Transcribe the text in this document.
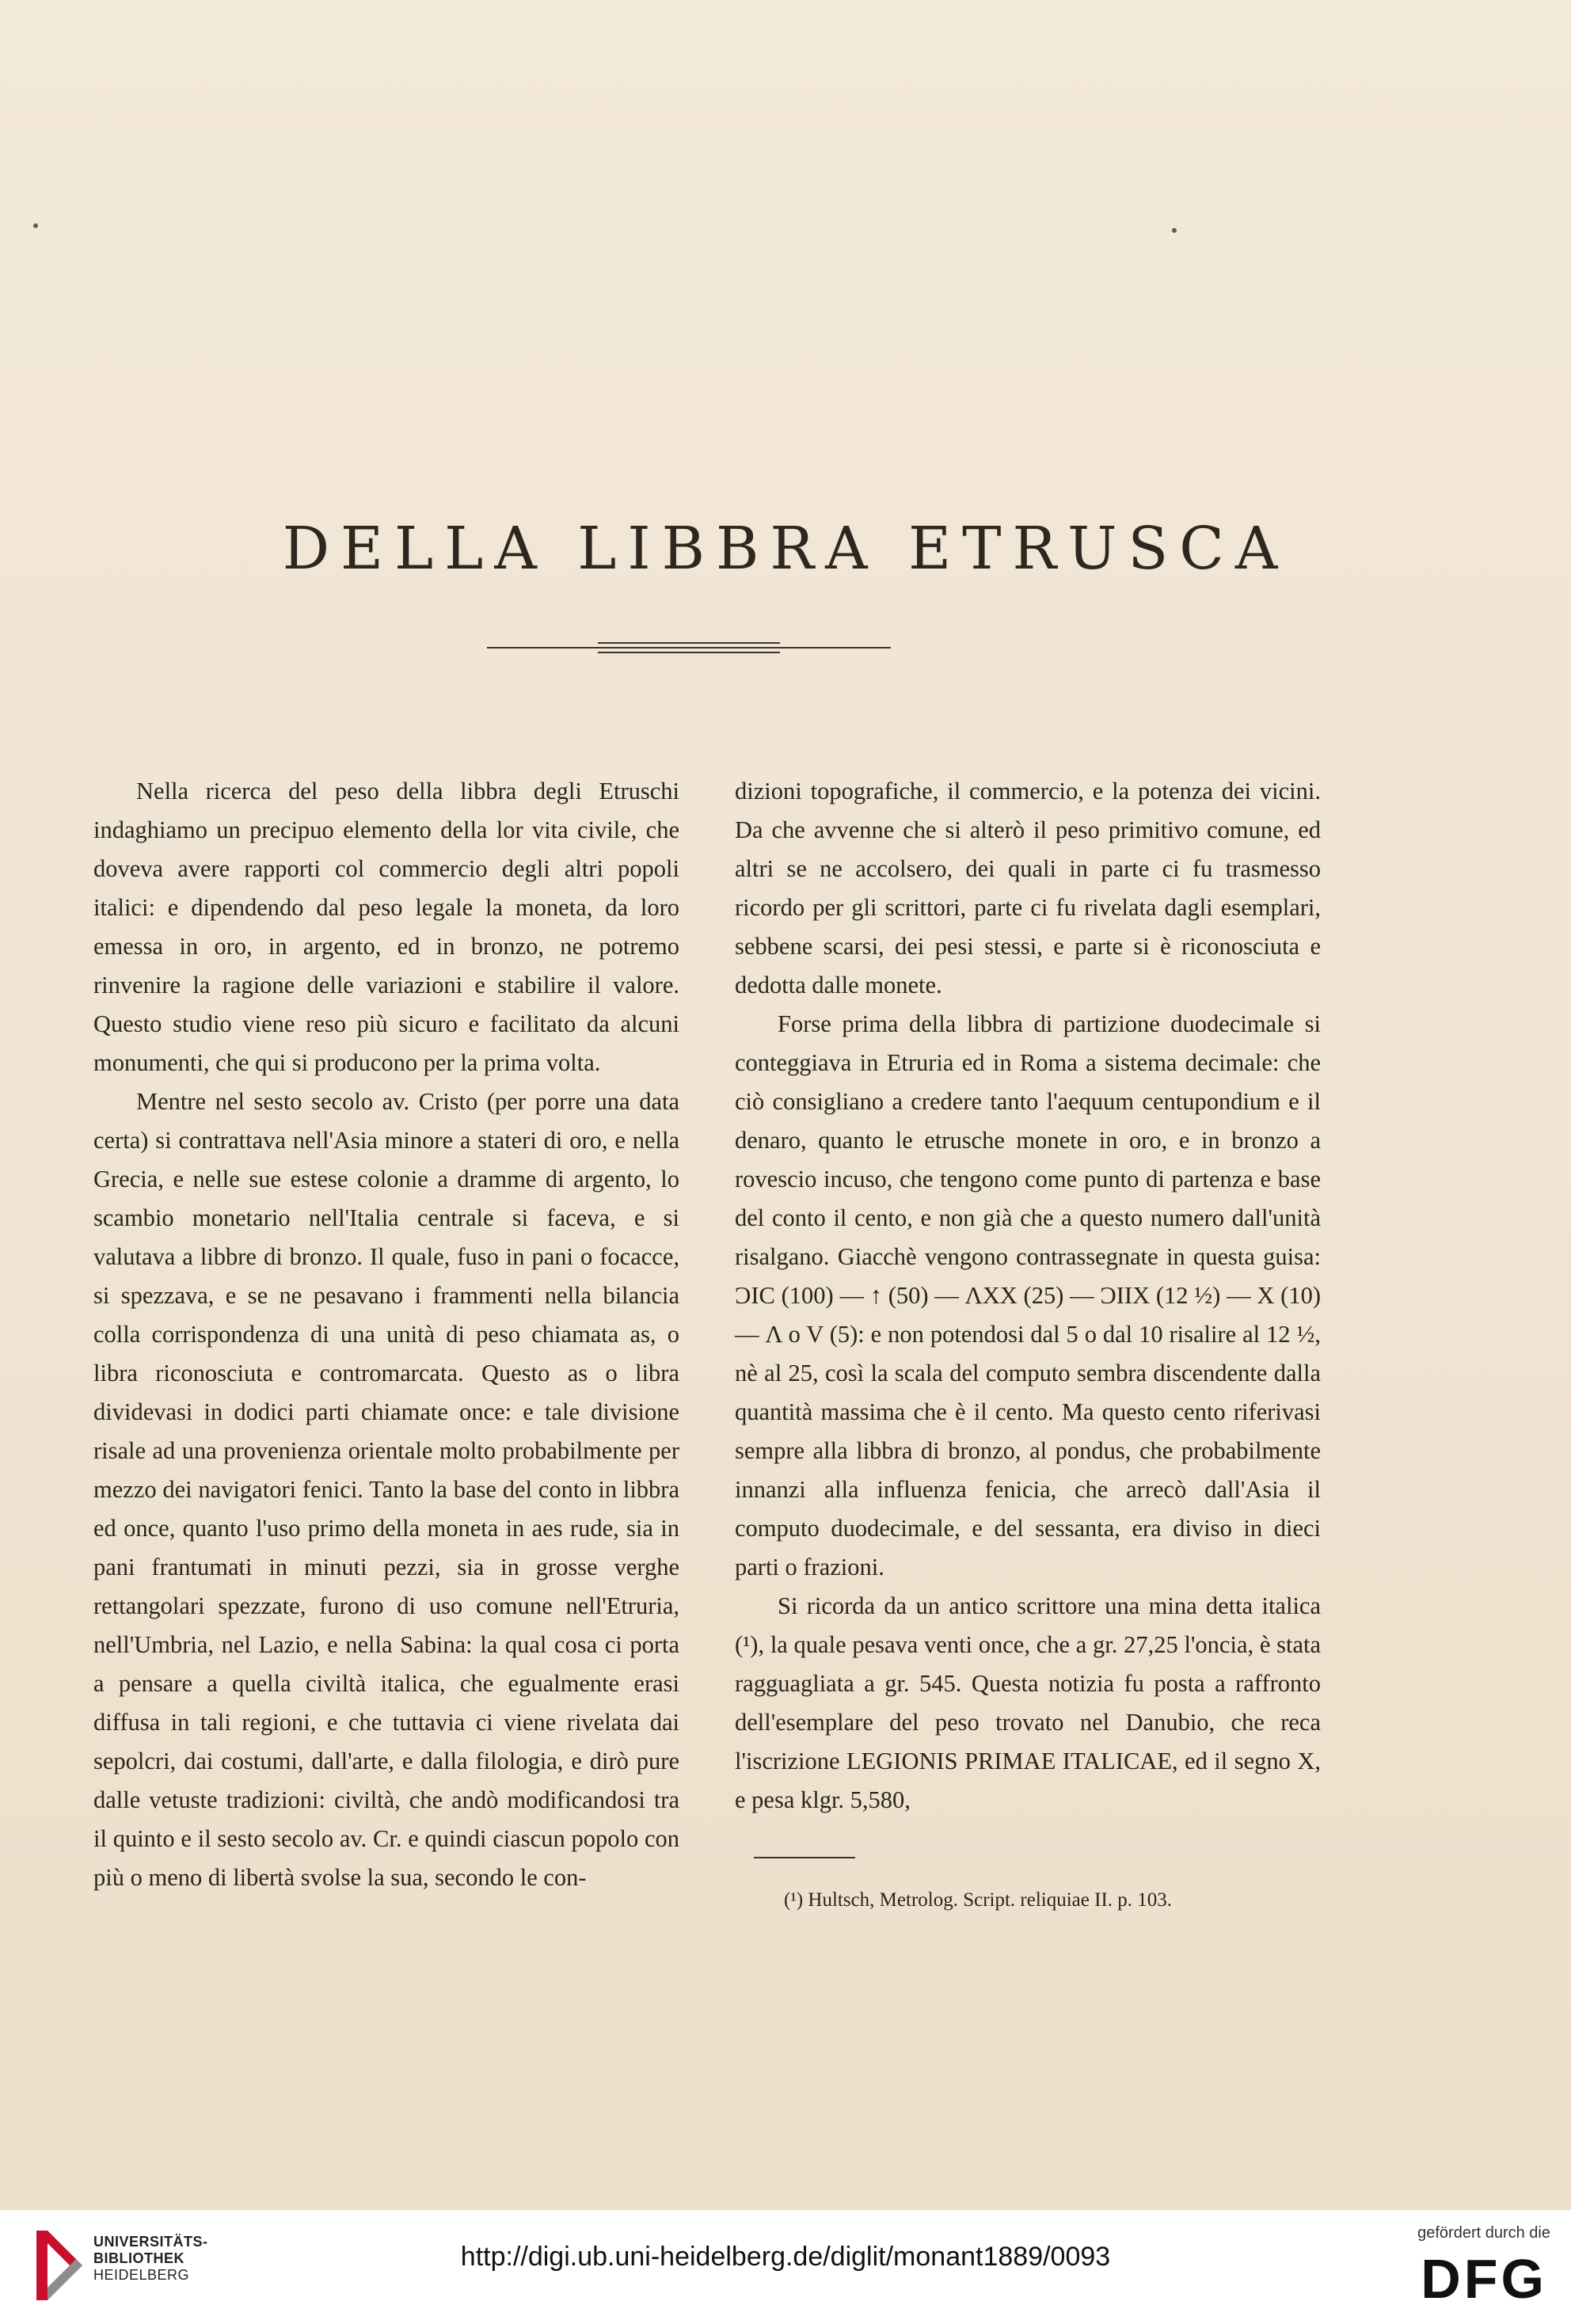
DELLA LIBBRA ETRUSCA

Nella ricerca del peso della libbra degli Etruschi indaghiamo un precipuo elemento della lor vita civile, che doveva avere rapporti col commercio degli altri popoli italici: e dipendendo dal peso legale la moneta, da loro emessa in oro, in argento, ed in bronzo, ne potremo rinvenire la ragione delle variazioni e stabilire il valore. Questo studio viene reso più sicuro e facilitato da alcuni monumenti, che qui si producono per la prima volta.

Mentre nel sesto secolo av. Cristo (per porre una data certa) si contrattava nell'Asia minore a stateri di oro, e nella Grecia, e nelle sue estese colonie a dramme di argento, lo scambio monetario nell'Italia centrale si faceva, e si valutava a libbre di bronzo. Il quale, fuso in pani o focacce, si spezzava, e se ne pesavano i frammenti nella bilancia colla corrispondenza di una unità di peso chiamata as, o libra riconosciuta e contromarcata. Questo as o libra dividevasi in dodici parti chiamate once: e tale divisione risale ad una provenienza orientale molto probabilmente per mezzo dei navigatori fenici. Tanto la base del conto in libbra ed once, quanto l'uso primo della moneta in aes rude, sia in pani frantumati in minuti pezzi, sia in grosse verghe rettangolari spezzate, furono di uso comune nell'Etruria, nell'Umbria, nel Lazio, e nella Sabina: la qual cosa ci porta a pensare a quella civiltà italica, che egualmente erasi diffusa in tali regioni, e che tuttavia ci viene rivelata dai sepolcri, dai costumi, dall'arte, e dalla filologia, e dirò pure dalle vetuste tradizioni: civiltà, che andò modificandosi tra il quinto e il sesto secolo av. Cr. e quindi ciascun popolo con più o meno di libertà svolse la sua, secondo le con-

dizioni topografiche, il commercio, e la potenza dei vicini. Da che avvenne che si alterò il peso primitivo comune, ed altri se ne accolsero, dei quali in parte ci fu trasmesso ricordo per gli scrittori, parte ci fu rivelata dagli esemplari, sebbene scarsi, dei pesi stessi, e parte si è riconosciuta e dedotta dalle monete.

Forse prima della libbra di partizione duodecimale si conteggiava in Etruria ed in Roma a sistema decimale: che ciò consigliano a credere tanto l'aequum centupondium e il denaro, quanto le etrusche monete in oro, e in bronzo a rovescio incuso, che tengono come punto di partenza e base del conto il cento, e non già che a questo numero dall'unità risalgano. Giacchè vengono contrassegnate in questa guisa: ƆIC (100) — ↑ (50) — ΛXX (25) — ƆIIX (12 ½) — X (10) — Λ o V (5): e non potendosi dal 5 o dal 10 risalire al 12 ½, nè al 25, così la scala del computo sembra discendente dalla quantità massima che è il cento. Ma questo cento riferivasi sempre alla libbra di bronzo, al pondus, che probabilmente innanzi alla influenza fenicia, che arrecò dall'Asia il computo duodecimale, e del sessanta, era diviso in dieci parti o frazioni.

Si ricorda da un antico scrittore una mina detta italica (¹), la quale pesava venti once, che a gr. 27,25 l'oncia, è stata ragguagliata a gr. 545. Questa notizia fu posta a raffronto dell'esemplare del peso trovato nel Danubio, che reca l'iscrizione LEGIONIS PRIMAE ITALICAE, ed il segno X, e pesa klgr. 5,580,

(¹) Hultsch, Metrolog. Script. reliquiae II. p. 103.
UNIVERSITÄTS-
BIBLIOTHEK
HEIDELBERG
http://digi.ub.uni-heidelberg.de/diglit/monant1889/0093
gefördert durch die
DFG
